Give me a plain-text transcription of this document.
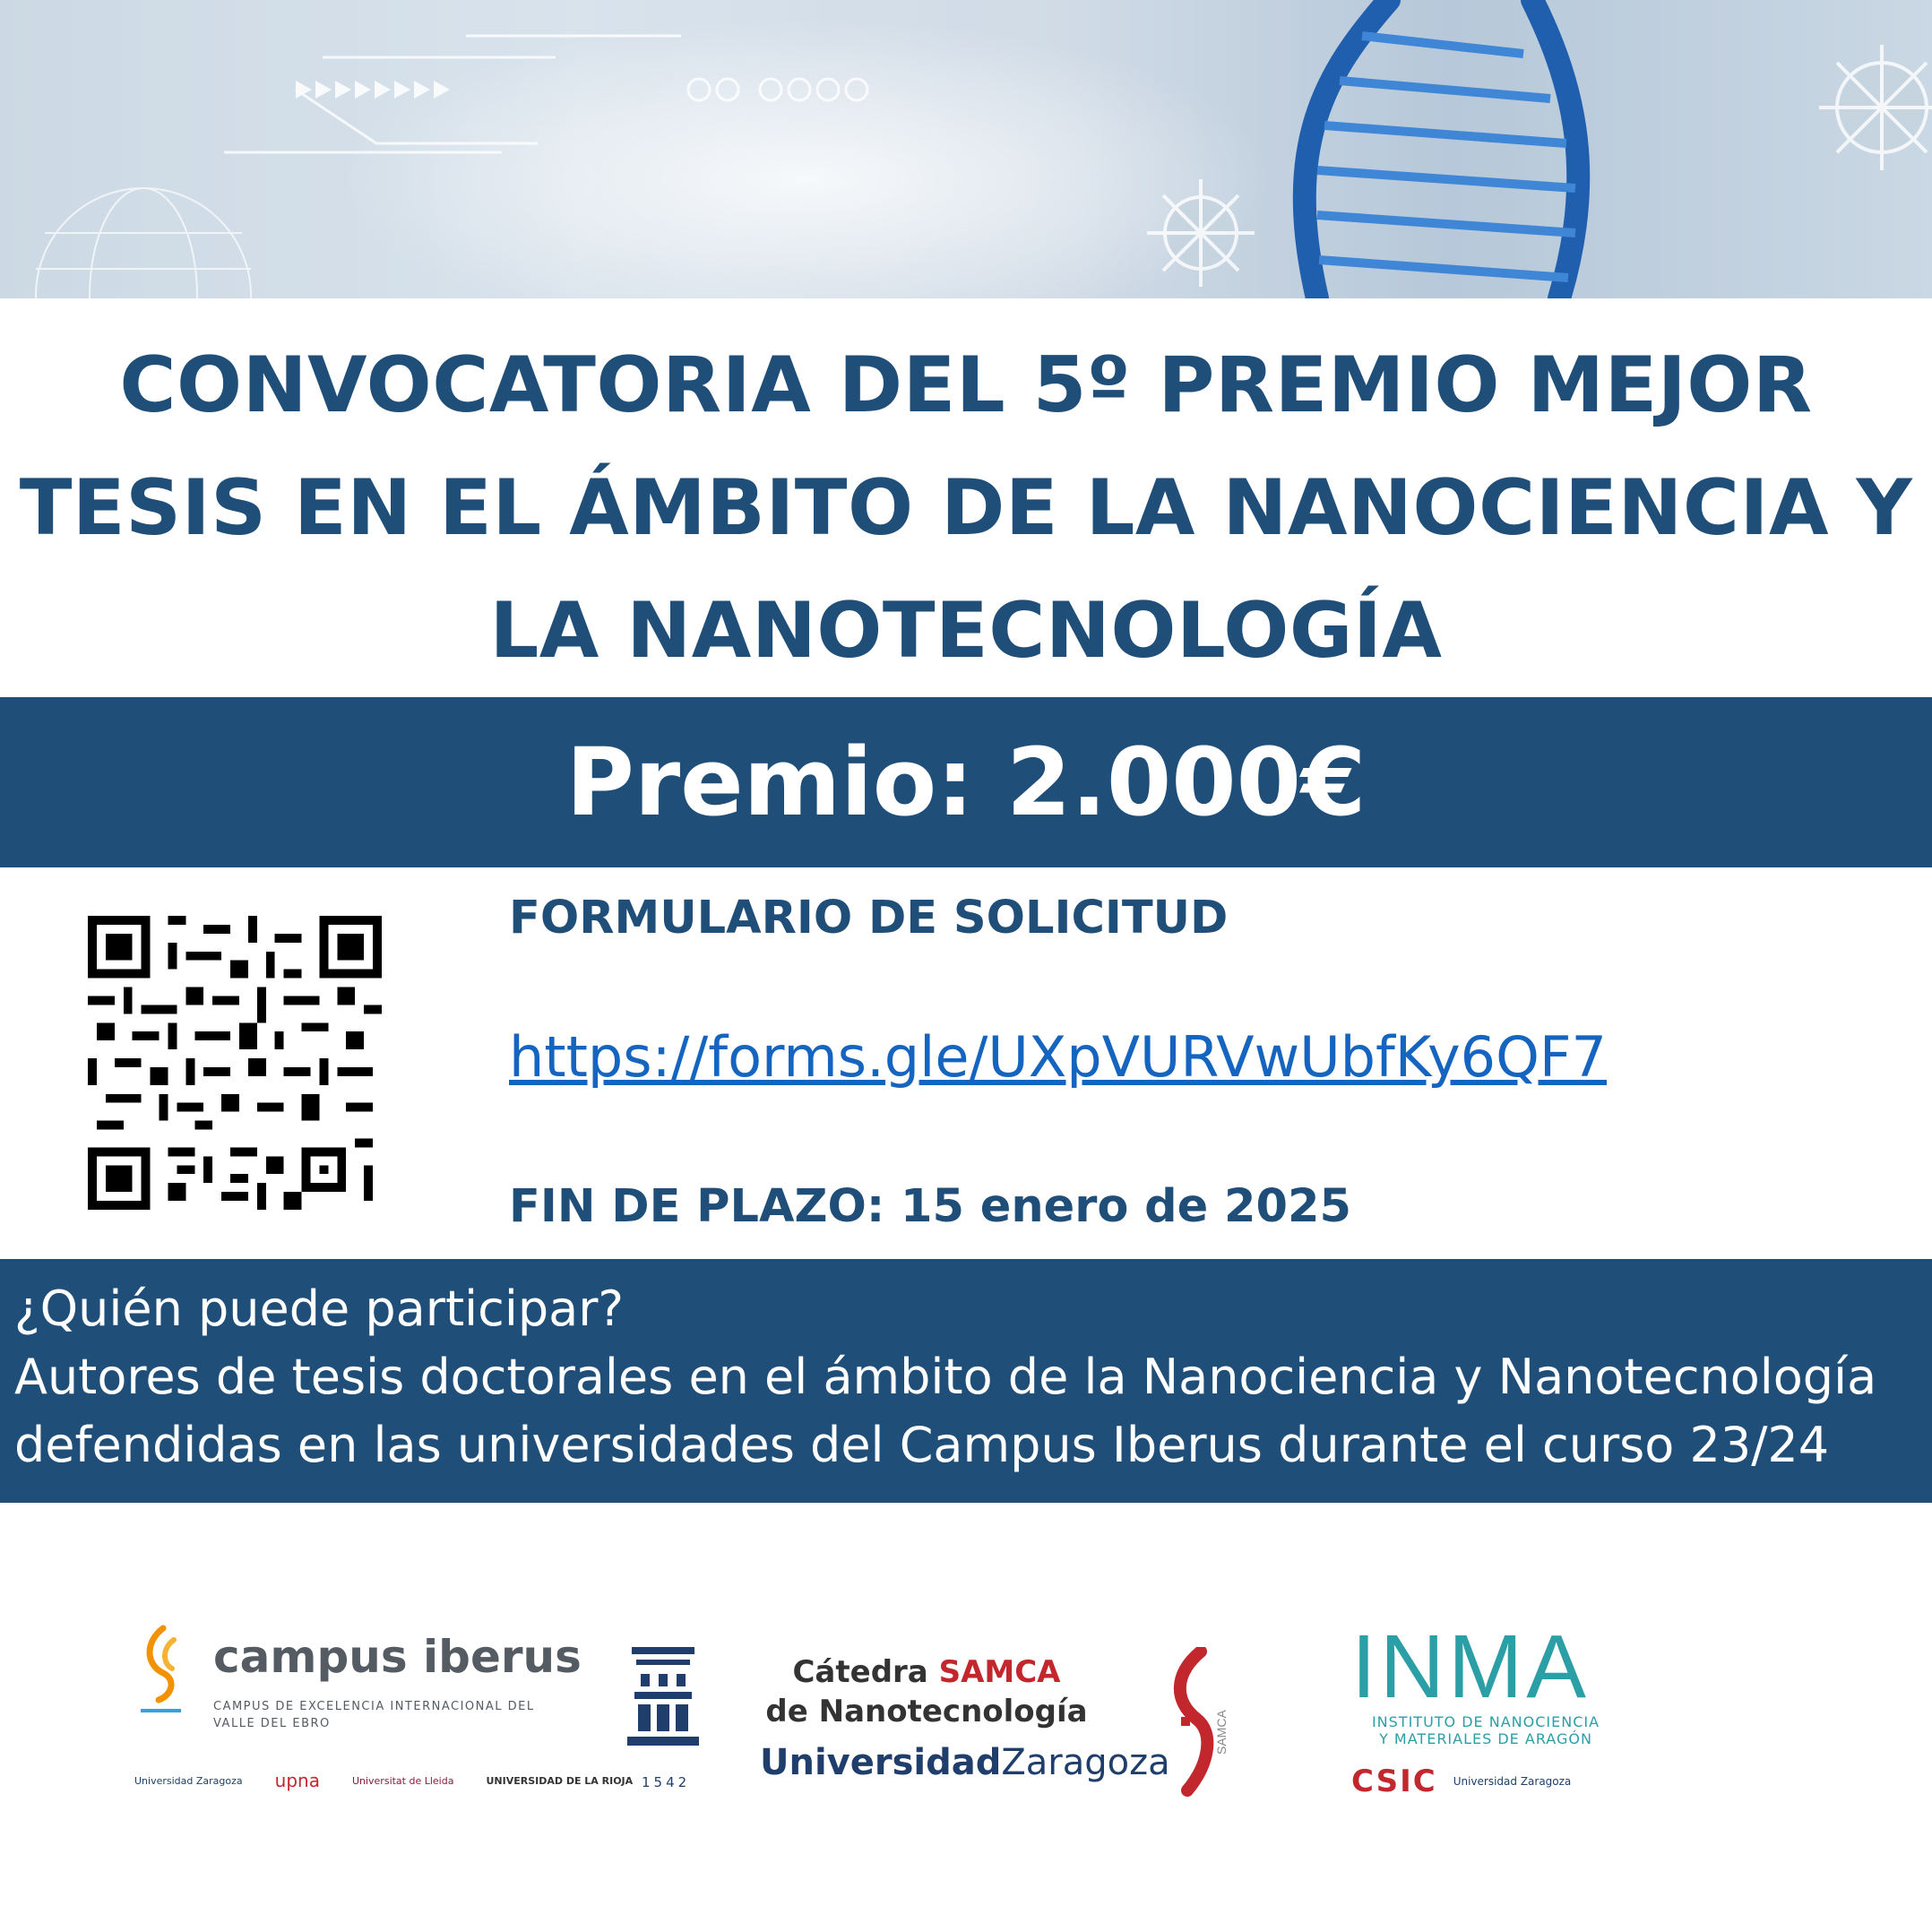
CONVOCATORIA DEL 5º PREMIO MEJOR
TESIS EN EL ÁMBITO DE LA NANOCIENCIA Y
LA NANOTECNOLOGÍA
Premio: 2.000€
FORMULARIO DE SOLICITUD
https://forms.gle/UXpVURVwUbfKy6QF7
FIN DE PLAZO: 15 enero de 2025
¿Quién puede participar?
Autores de tesis doctorales en el ámbito de la Nanociencia y Nanotecnología
defendidas en las universidades del Campus Iberus durante el curso 23/24
campus iberus
CAMPUS DE EXCELENCIA INTERNACIONAL DEL VALLE DEL EBRO
Universidad Zaragoza upna	Universitat de Lleida	UNIVERSIDAD DE LA RIOJA 1542
Cátedra SAMCA
de Nanotecnología
UniversidadZaragoza
SAMCA
INMA
INSTITUTO DE NANOCIENCIA
Y MATERIALES DE ARAGÓN
CSIC Universidad Zaragoza
